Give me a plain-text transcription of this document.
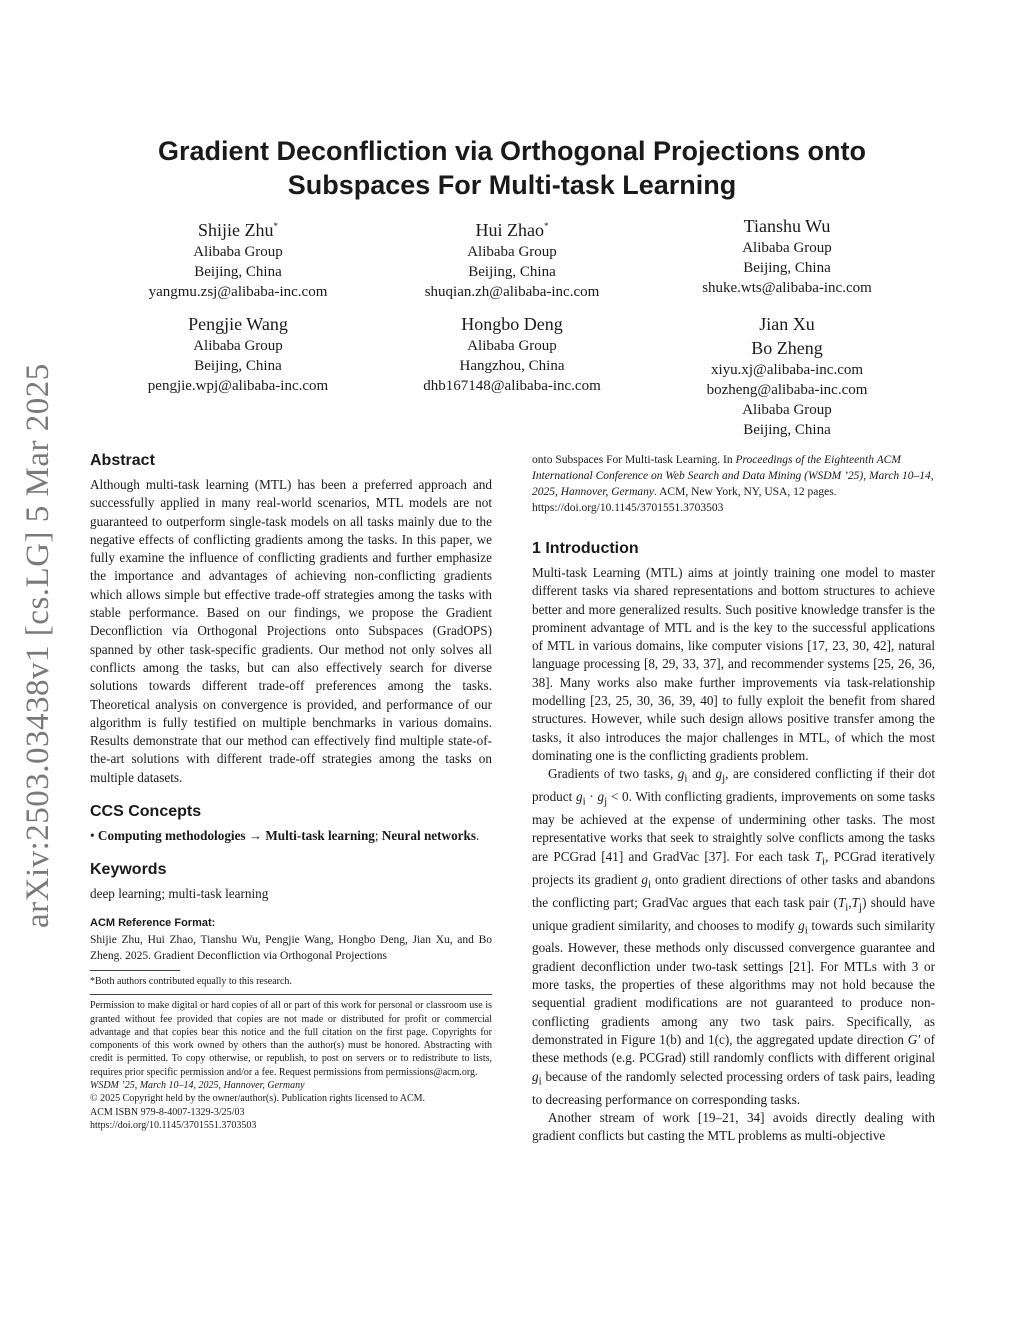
arXiv:2503.03438v1 [cs.LG] 5 Mar 2025
Gradient Deconfliction via Orthogonal Projections onto
Subspaces For Multi-task Learning
Shijie Zhu*
Alibaba Group
Beijing, China
yangmu.zsj@alibaba-inc.com
Hui Zhao*
Alibaba Group
Beijing, China
shuqian.zh@alibaba-inc.com
Tianshu Wu
Alibaba Group
Beijing, China
shuke.wts@alibaba-inc.com
Pengjie Wang
Alibaba Group
Beijing, China
pengjie.wpj@alibaba-inc.com
Hongbo Deng
Alibaba Group
Hangzhou, China
dhb167148@alibaba-inc.com
Jian Xu
Bo Zheng
xiyu.xj@alibaba-inc.com
bozheng@alibaba-inc.com
Alibaba Group
Beijing, China
Abstract

Although multi-task learning (MTL) has been a preferred approach and successfully applied in many real-world scenarios, MTL models are not guaranteed to outperform single-task models on all tasks mainly due to the negative effects of conflicting gradients among the tasks. In this paper, we fully examine the influence of conflicting gradients and further emphasize the importance and advantages of achieving non-conflicting gradients which allows simple but effective trade-off strategies among the tasks with stable performance. Based on our findings, we propose the Gradient Deconfliction via Orthogonal Projections onto Subspaces (GradOPS) spanned by other task-specific gradients. Our method not only solves all conflicts among the tasks, but can also effectively search for diverse solutions towards different trade-off preferences among the tasks. Theoretical analysis on convergence is provided, and performance of our algorithm is fully testified on multiple benchmarks in various domains. Results demonstrate that our method can effectively find multiple state-of-the-art solutions with different trade-off strategies among the tasks on multiple datasets.

CCS Concepts

• Computing methodologies → Multi-task learning; Neural networks.

Keywords

deep learning; multi-task learning

ACM Reference Format:

Shijie Zhu, Hui Zhao, Tianshu Wu, Pengjie Wang, Hongbo Deng, Jian Xu, and Bo Zheng. 2025. Gradient Deconfliction via Orthogonal Projections

*Both authors contributed equally to this research.

Permission to make digital or hard copies of all or part of this work for personal or classroom use is granted without fee provided that copies are not made or distributed for profit or commercial advantage and that copies bear this notice and the full citation on the first page. Copyrights for components of this work owned by others than the author(s) must be honored. Abstracting with credit is permitted. To copy otherwise, or republish, to post on servers or to redistribute to lists, requires prior specific permission and/or a fee. Request permissions from permissions@acm.org.

WSDM ’25, March 10–14, 2025, Hannover, Germany

© 2025 Copyright held by the owner/author(s). Publication rights licensed to ACM.

ACM ISBN 979-8-4007-1329-3/25/03

https://doi.org/10.1145/3701551.3703503

onto Subspaces For Multi-task Learning. In Proceedings of the Eighteenth ACM International Conference on Web Search and Data Mining (WSDM ’25), March 10–14, 2025, Hannover, Germany. ACM, New York, NY, USA, 12 pages. https://doi.org/10.1145/3701551.3703503

1 Introduction

Multi-task Learning (MTL) aims at jointly training one model to master different tasks via shared representations and bottom structures to achieve better and more generalized results. Such positive knowledge transfer is the prominent advantage of MTL and is the key to the successful applications of MTL in various domains, like computer visions [17, 23, 30, 42], natural language processing [8, 29, 33, 37], and recommender systems [25, 26, 36, 38]. Many works also make further improvements via task-relationship modelling [23, 25, 30, 36, 39, 40] to fully exploit the benefit from shared structures. However, while such design allows positive transfer among the tasks, it also introduces the major challenges in MTL, of which the most dominating one is the conflicting gradients problem.

Gradients of two tasks, $g_i$ and $g_j$, are considered conflicting if their dot product $g_i \cdot g_j < 0$. With conflicting gradients, improvements on some tasks may be achieved at the expense of undermining other tasks. The most representative works that seek to straightly solve conflicts among the tasks are PCGrad [41] and GradVac [37]. For each task $T_i$, PCGrad iteratively projects its gradient $g_i$ onto gradient directions of other tasks and abandons the conflicting part; GradVac argues that each task pair $(T_i,T_j)$ should have unique gradient similarity, and chooses to modify $g_i$ towards such similarity goals. However, these methods only discussed convergence guarantee and gradient deconfliction under two-task settings [21]. For MTLs with 3 or more tasks, the properties of these algorithms may not hold because the sequential gradient modifications are not guaranteed to produce non-conflicting gradients among any two task pairs. Specifically, as demonstrated in Figure 1(b) and 1(c), the aggregated update direction G′ of these methods (e.g. PCGrad) still randomly conflicts with different original $g_i$ because of the randomly selected processing orders of task pairs, leading to decreasing performance on corresponding tasks.

Another stream of work [19–21, 34] avoids directly dealing with gradient conflicts but casting the MTL problems as multi-objective
